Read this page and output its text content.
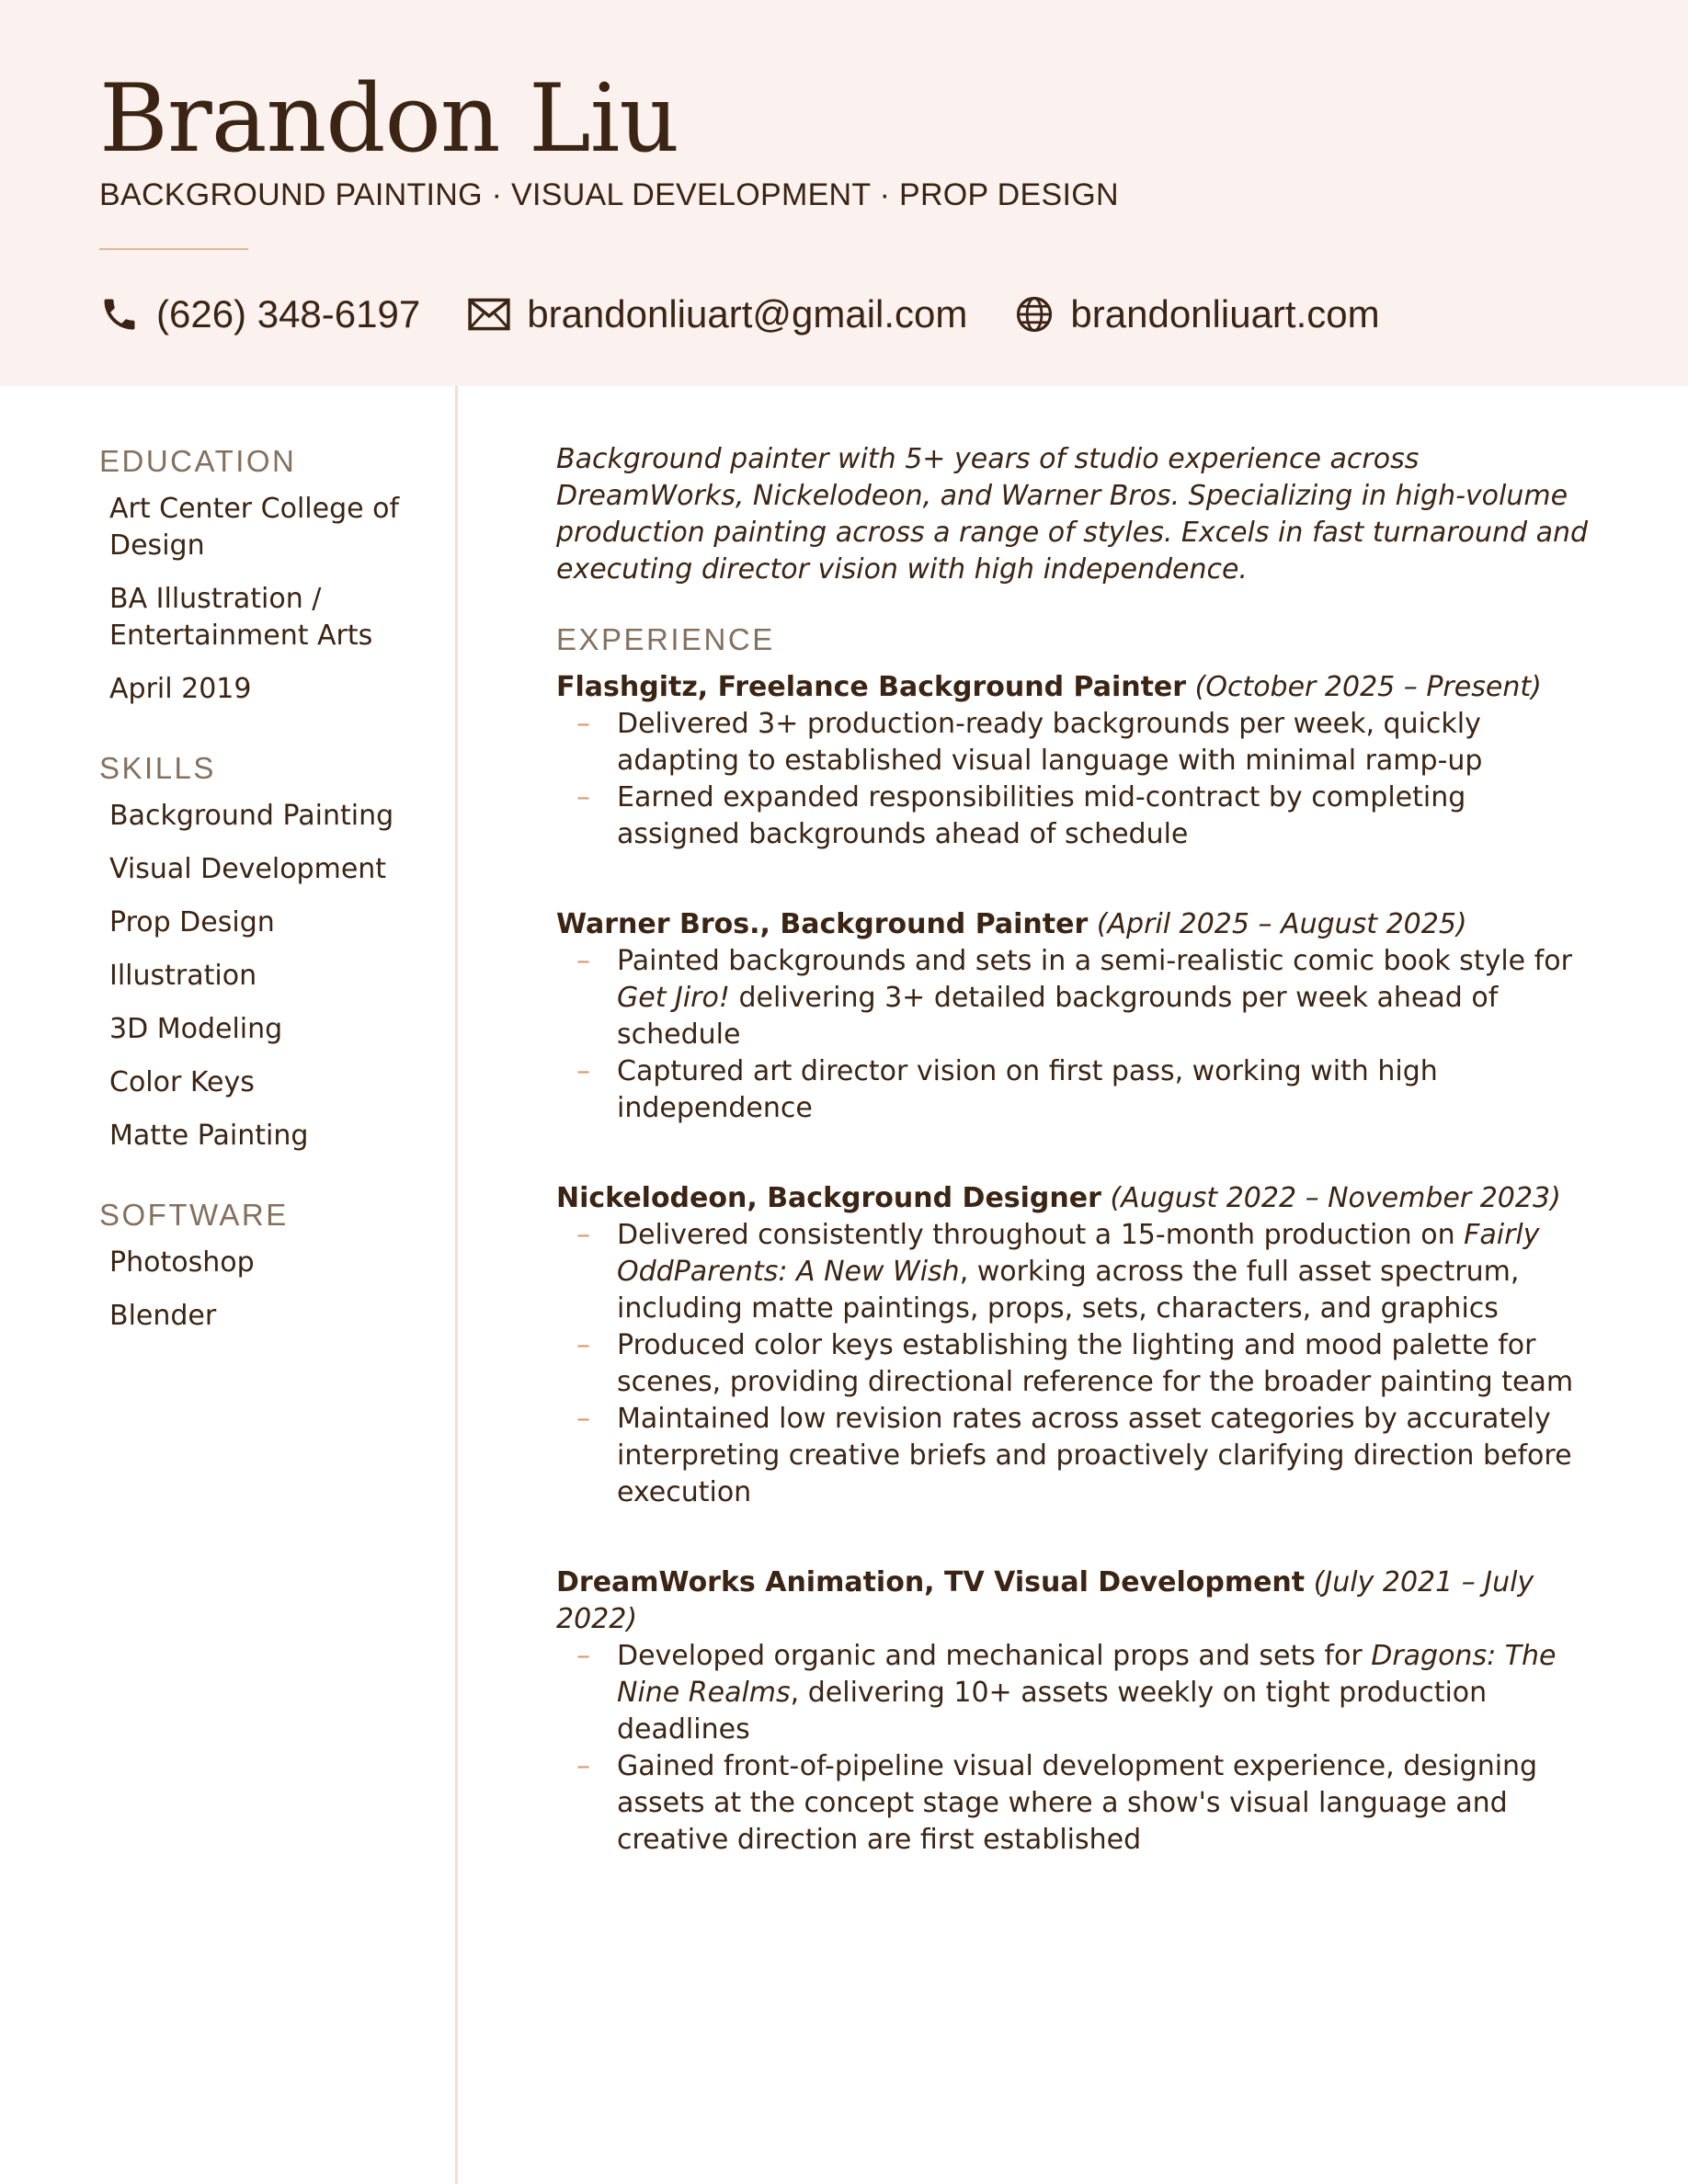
Brandon Liu
BACKGROUND PAINTING · VISUAL DEVELOPMENT · PROP DESIGN
(626) 348-6197	brandonliuart@gmail.com	brandonliuart.com
EDUCATION
Art Center College of Design
BA Illustration / Entertainment Arts
April 2019
SKILLS
Background Painting
Visual Development
Prop Design
Illustration
3D Modeling
Color Keys
Matte Painting
SOFTWARE
Photoshop
Blender

Background painter with 5+ years of studio experience across DreamWorks, Nickelodeon, and Warner Bros. Specializing in high-volume production painting across a range of styles. Excels in fast turnaround and executing director vision with high independence.

EXPERIENCE
Flashgitz, Freelance Background Painter (October 2025 – Present)
– Delivered 3+ production-ready backgrounds per week, quickly adapting to established visual language with minimal ramp-up
– Earned expanded responsibilities mid-contract by completing assigned backgrounds ahead of schedule
Warner Bros., Background Painter (April 2025 – August 2025)
– Painted backgrounds and sets in a semi-realistic comic book style for Get Jiro! delivering 3+ detailed backgrounds per week ahead of schedule
– Captured art director vision on first pass, working with high independence
Nickelodeon, Background Designer (August 2022 – November 2023)
– Delivered consistently throughout a 15-month production on Fairly OddParents: A New Wish, working across the full asset spectrum, including matte paintings, props, sets, characters, and graphics
– Produced color keys establishing the lighting and mood palette for scenes, providing directional reference for the broader painting team
– Maintained low revision rates across asset categories by accurately interpreting creative briefs and proactively clarifying direction before execution
DreamWorks Animation, TV Visual Development (July 2021 – July 2022)
– Developed organic and mechanical props and sets for Dragons: The Nine Realms, delivering 10+ assets weekly on tight production deadlines
– Gained front-of-pipeline visual development experience, designing assets at the concept stage where a show's visual language and creative direction are first established
